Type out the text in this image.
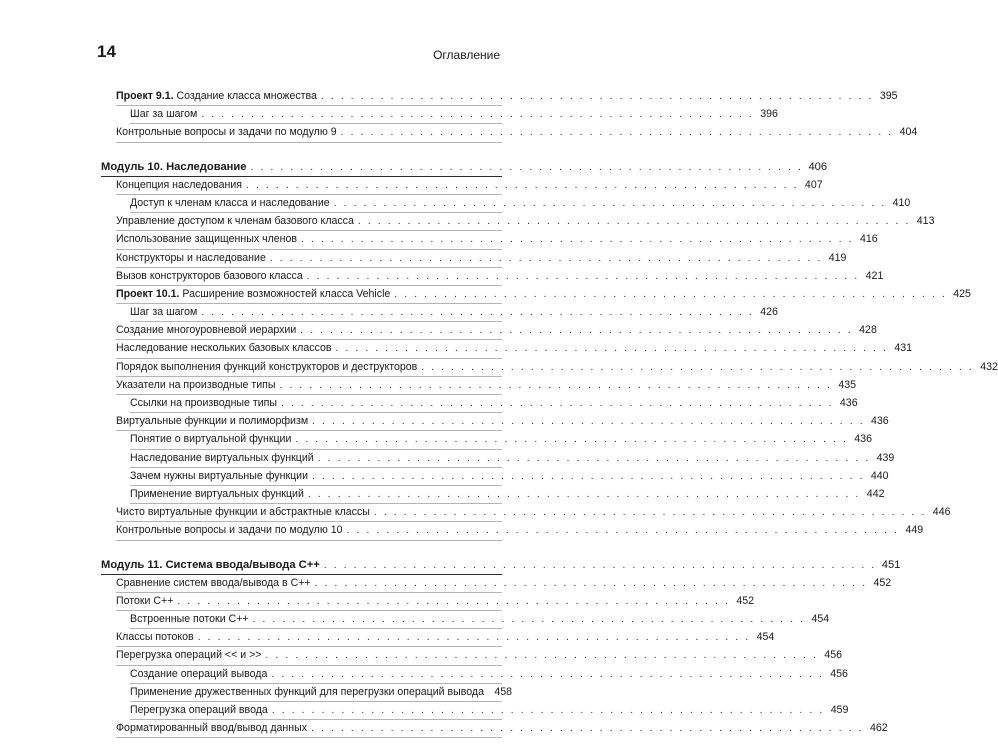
14	Оглавление
Проект 9.1. Создание класса множества . . . . . . . . . . . . . . . . . . . . . . . . . . . . . . . . . . . . . . . . . . . . . . . . . . . . . . . . 395
Шаг за шагом . . . . . . . . . . . . . . . . . . . . . . . . . . . . . . . . . . . . . . . . . . . . . . . . . . . . . . . . 396
Контрольные вопросы и задачи по модулю 9 . . . . . . . . . . . . . . . . . . . . . . . . . . . . . . . . . . . . . . . . . . . . . . . . . . . . . . . . 404
Модуль 10. Наследование . . . . . . . . . . . . . . . . . . . . . . . . . . . . . . . . . . . . . . . . . . . . . . . . . . . . . . . . 406
Концепция наследования . . . . . . . . . . . . . . . . . . . . . . . . . . . . . . . . . . . . . . . . . . . . . . . . . . . . . . . . 407
Доступ к членам класса и наследование . . . . . . . . . . . . . . . . . . . . . . . . . . . . . . . . . . . . . . . . . . . . . . . . . . . . . . . . 410
Управление доступом к членам базового класса . . . . . . . . . . . . . . . . . . . . . . . . . . . . . . . . . . . . . . . . . . . . . . . . . . . . . . . . 413
Использование защищенных членов . . . . . . . . . . . . . . . . . . . . . . . . . . . . . . . . . . . . . . . . . . . . . . . . . . . . . . . . 416
Конструкторы и наследование . . . . . . . . . . . . . . . . . . . . . . . . . . . . . . . . . . . . . . . . . . . . . . . . . . . . . . . . 419
Вызов конструкторов базового класса . . . . . . . . . . . . . . . . . . . . . . . . . . . . . . . . . . . . . . . . . . . . . . . . . . . . . . . . 421
Проект 10.1. Расширение возможностей класса Vehicle . . . . . . . . . . . . . . . . . . . . . . . . . . . . . . . . . . . . . . . . . . . . . . . . . . . . . . . . 425
Шаг за шагом . . . . . . . . . . . . . . . . . . . . . . . . . . . . . . . . . . . . . . . . . . . . . . . . . . . . . . . . 426
Создание многоуровневой иерархии . . . . . . . . . . . . . . . . . . . . . . . . . . . . . . . . . . . . . . . . . . . . . . . . . . . . . . . . 428
Наследование нескольких базовых классов . . . . . . . . . . . . . . . . . . . . . . . . . . . . . . . . . . . . . . . . . . . . . . . . . . . . . . . . 431
Порядок выполнения функций конструкторов и деструкторов . . . . . . . . . . . . . . . . . . . . . . . . . . . . . . . . . . . . . . . . . . . . . . . . . . . . . . . . 432
Указатели на производные типы . . . . . . . . . . . . . . . . . . . . . . . . . . . . . . . . . . . . . . . . . . . . . . . . . . . . . . . . 435
Ссылки на производные типы . . . . . . . . . . . . . . . . . . . . . . . . . . . . . . . . . . . . . . . . . . . . . . . . . . . . . . . . 436
Виртуальные функции и полиморфизм . . . . . . . . . . . . . . . . . . . . . . . . . . . . . . . . . . . . . . . . . . . . . . . . . . . . . . . . 436
Понятие о виртуальной функции . . . . . . . . . . . . . . . . . . . . . . . . . . . . . . . . . . . . . . . . . . . . . . . . . . . . . . . . 436
Наследование виртуальных функций . . . . . . . . . . . . . . . . . . . . . . . . . . . . . . . . . . . . . . . . . . . . . . . . . . . . . . . . 439
Зачем нужны виртуальные функции . . . . . . . . . . . . . . . . . . . . . . . . . . . . . . . . . . . . . . . . . . . . . . . . . . . . . . . . 440
Применение виртуальных функций . . . . . . . . . . . . . . . . . . . . . . . . . . . . . . . . . . . . . . . . . . . . . . . . . . . . . . . . 442
Чисто виртуальные функции и абстрактные классы . . . . . . . . . . . . . . . . . . . . . . . . . . . . . . . . . . . . . . . . . . . . . . . . . . . . . . . . 446
Контрольные вопросы и задачи по модулю 10 . . . . . . . . . . . . . . . . . . . . . . . . . . . . . . . . . . . . . . . . . . . . . . . . . . . . . . . . 449
Модуль 11. Система ввода/вывода С++ . . . . . . . . . . . . . . . . . . . . . . . . . . . . . . . . . . . . . . . . . . . . . . . . . . . . . . . . 451
Сравнение систем ввода/вывода в С++ . . . . . . . . . . . . . . . . . . . . . . . . . . . . . . . . . . . . . . . . . . . . . . . . . . . . . . . . 452
Потоки С++ . . . . . . . . . . . . . . . . . . . . . . . . . . . . . . . . . . . . . . . . . . . . . . . . . . . . . . . . 452
Встроенные потоки С++ . . . . . . . . . . . . . . . . . . . . . . . . . . . . . . . . . . . . . . . . . . . . . . . . . . . . . . . . 454
Классы потоков . . . . . . . . . . . . . . . . . . . . . . . . . . . . . . . . . . . . . . . . . . . . . . . . . . . . . . . . 454
Перегрузка операций << и >> . . . . . . . . . . . . . . . . . . . . . . . . . . . . . . . . . . . . . . . . . . . . . . . . . . . . . . . . 456
Создание операций вывода . . . . . . . . . . . . . . . . . . . . . . . . . . . . . . . . . . . . . . . . . . . . . . . . . . . . . . . . 456
Применение дружественных функций для перегрузки операций вывода 458
Перегрузка операций ввода . . . . . . . . . . . . . . . . . . . . . . . . . . . . . . . . . . . . . . . . . . . . . . . . . . . . . . . . 459
Форматированный ввод/вывод данных . . . . . . . . . . . . . . . . . . . . . . . . . . . . . . . . . . . . . . . . . . . . . . . . . . . . . . . . 462
